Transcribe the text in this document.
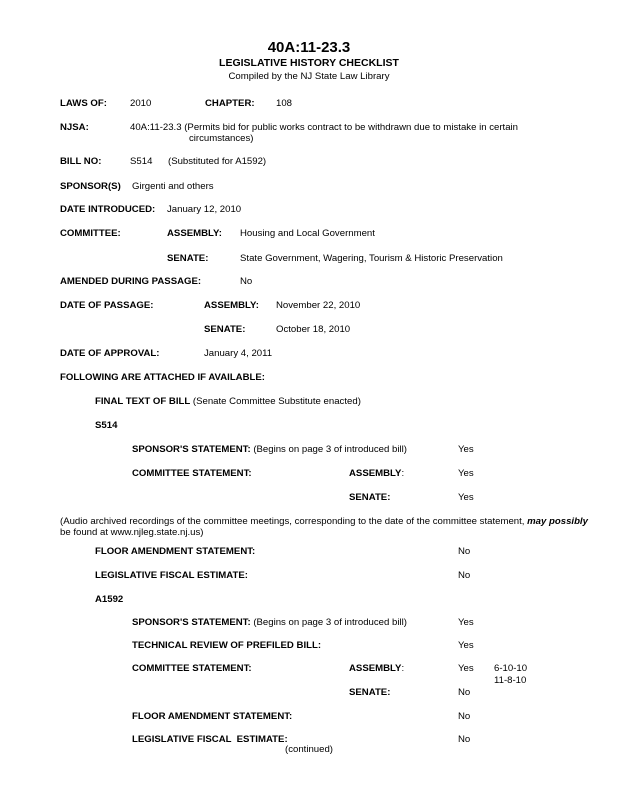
40A:11-23.3
LEGISLATIVE HISTORY CHECKLIST
Compiled by the NJ State Law Library
LAWS OF: 2010	CHAPTER: 108
NJSA:	40A:11-23.3 (Permits bid for public works contract to be withdrawn due to mistake in certain
circumstances)
BILL NO:	S514 (Substituted for A1592)
SPONSOR(S) Girgenti and others
DATE INTRODUCED: January 12, 2010
COMMITTEE:	ASSEMBLY: Housing and Local Government
SENATE:	State Government, Wagering, Tourism & Historic Preservation
AMENDED DURING PASSAGE:	No
DATE OF PASSAGE:	ASSEMBLY: November 22, 2010
SENATE:	October 18, 2010
DATE OF APPROVAL:	January 4, 2011
FOLLOWING ARE ATTACHED IF AVAILABLE:
FINAL TEXT OF BILL (Senate Committee Substitute enacted)
S514
SPONSOR'S STATEMENT: (Begins on page 3 of introduced bill)	Yes
COMMITTEE STATEMENT:	ASSEMBLY:	Yes
SENATE:	Yes
(Audio archived recordings of the committee meetings, corresponding to the date of the committee statement, may possibly
be found at www.njleg.state.nj.us)
FLOOR AMENDMENT STATEMENT:	No
LEGISLATIVE FISCAL ESTIMATE:	No
A1592
SPONSOR'S STATEMENT: (Begins on page 3 of introduced bill)	Yes
TECHNICAL REVIEW OF PREFILED BILL:	Yes
COMMITTEE STATEMENT:	ASSEMBLY:	Yes 6-10-10
11-8-10
SENATE:	No
FLOOR AMENDMENT STATEMENT:	No
LEGISLATIVE FISCAL  ESTIMATE:	No
(continued)
